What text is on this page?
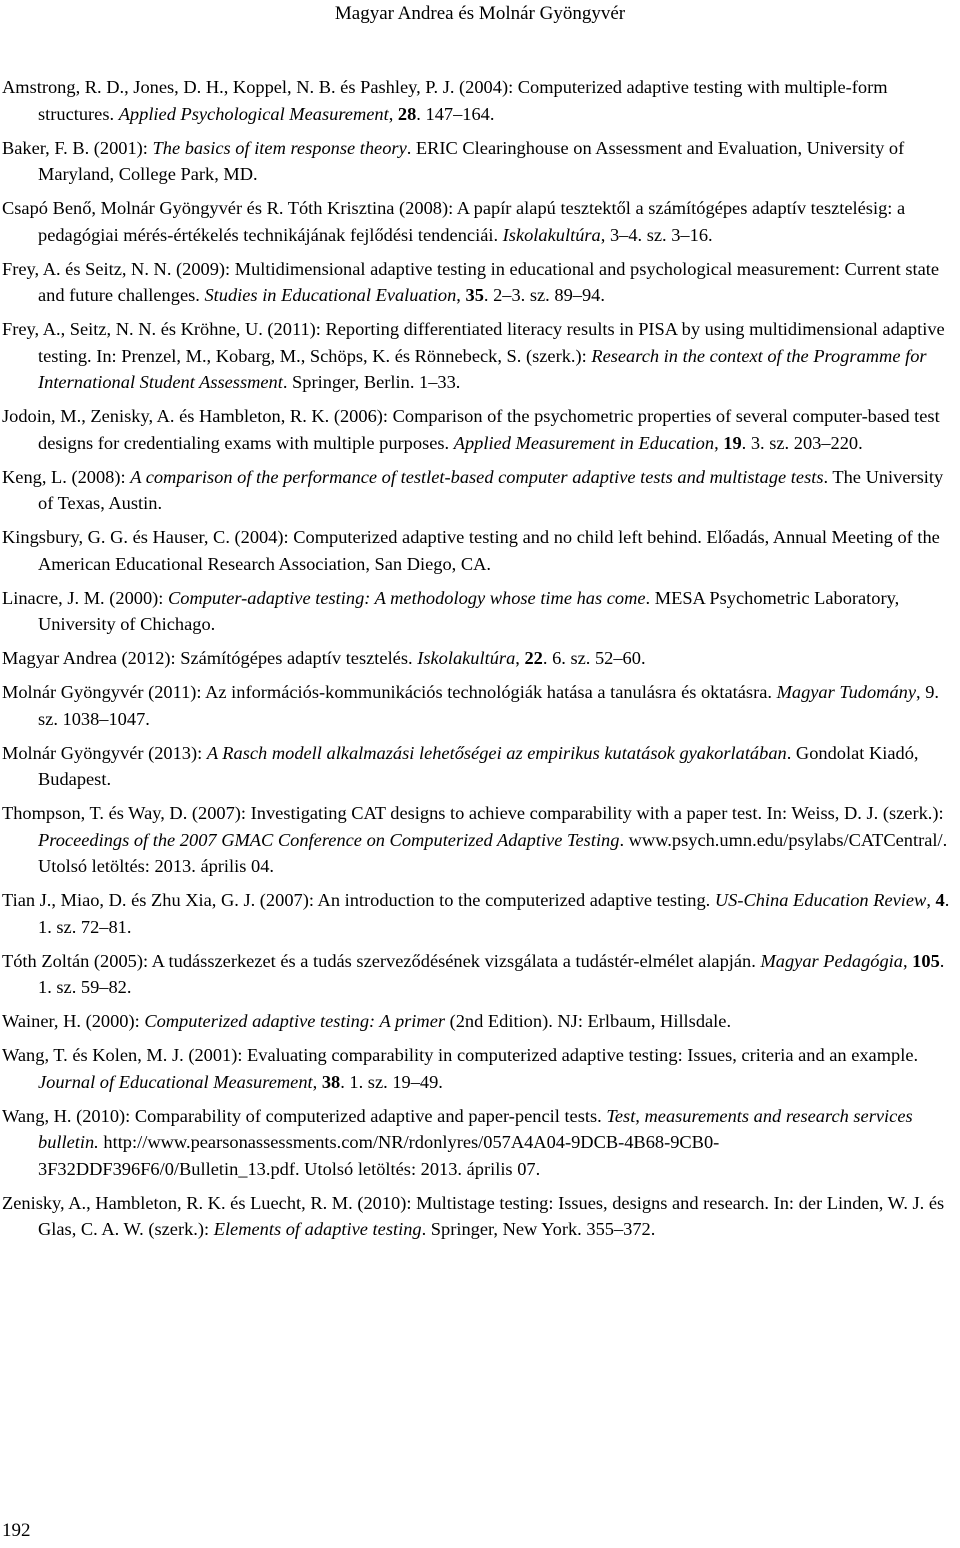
Magyar Andrea és Molnár Gyöngyvér

Amstrong, R. D., Jones, D. H., Koppel, N. B. és Pashley, P. J. (2004): Computerized adaptive testing with multiple-form structures. Applied Psychological Measurement, 28. 147–164.

Baker, F. B. (2001): The basics of item response theory. ERIC Clearinghouse on Assessment and Evaluation, University of Maryland, College Park, MD.

Csapó Benő, Molnár Gyöngyvér és R. Tóth Krisztina (2008): A papír alapú tesztektől a számítógépes adaptív tesztelésig: a pedagógiai mérés-értékelés technikájának fejlődési tendenciái. Iskolakultúra, 3–4. sz. 3–16.

Frey, A. és Seitz, N. N. (2009): Multidimensional adaptive testing in educational and psychological measurement: Current state and future challenges. Studies in Educational Evaluation, 35. 2–3. sz. 89–94.

Frey, A., Seitz, N. N. és Kröhne, U. (2011): Reporting differentiated literacy results in PISA by using multidimensional adaptive testing. In: Prenzel, M., Kobarg, M., Schöps, K. és Rönnebeck, S. (szerk.): Research in the context of the Programme for International Student Assessment. Springer, Berlin. 1–33.

Jodoin, M., Zenisky, A. és Hambleton, R. K. (2006): Comparison of the psychometric properties of several computer-based test designs for credentialing exams with multiple purposes. Applied Measurement in Education, 19. 3. sz. 203–220.

Keng, L. (2008): A comparison of the performance of testlet-based computer adaptive tests and multistage tests. The University of Texas, Austin.

Kingsbury, G. G. és Hauser, C. (2004): Computerized adaptive testing and no child left behind. Előadás, Annual Meeting of the American Educational Research Association, San Diego, CA.

Linacre, J. M. (2000): Computer-adaptive testing: A methodology whose time has come. MESA Psychometric Laboratory, University of Chichago.

Magyar Andrea (2012): Számítógépes adaptív tesztelés. Iskolakultúra, 22. 6. sz. 52–60.

Molnár Gyöngyvér (2011): Az információs-kommunikációs technológiák hatása a tanulásra és oktatásra. Magyar Tudomány, 9. sz. 1038–1047.

Molnár Gyöngyvér (2013): A Rasch modell alkalmazási lehetőségei az empirikus kutatások gyakorlatában. Gondolat Kiadó, Budapest.

Thompson, T. és Way, D. (2007): Investigating CAT designs to achieve comparability with a paper test. In: Weiss, D. J. (szerk.): Proceedings of the 2007 GMAC Conference on Computerized Adaptive Testing. www.psych.umn.edu/psylabs/CATCentral/. Utolsó letöltés: 2013. április 04.

Tian J., Miao, D. és Zhu Xia, G. J. (2007): An introduction to the computerized adaptive testing. US-China Education Review, 4. 1. sz. 72–81.

Tóth Zoltán (2005): A tudásszerkezet és a tudás szerveződésének vizsgálata a tudástér-elmélet alapján. Magyar Pedagógia, 105. 1. sz. 59–82.

Wainer, H. (2000): Computerized adaptive testing: A primer (2nd Edition). NJ: Erlbaum, Hillsdale.

Wang, T. és Kolen, M. J. (2001): Evaluating comparability in computerized adaptive testing: Issues, criteria and an example. Journal of Educational Measurement, 38. 1. sz. 19–49.

Wang, H. (2010): Comparability of computerized adaptive and paper-pencil tests. Test, measurements and research services bulletin. http://www.pearsonassessments.com/NR/rdonlyres/057A4A04-9DCB-4B68-9CB0-3F32DDF396F6/0/Bulletin_13.pdf. Utolsó letöltés: 2013. április 07.

Zenisky, A., Hambleton, R. K. és Luecht, R. M. (2010): Multistage testing: Issues, designs and research. In: der Linden, W. J. és Glas, C. A. W. (szerk.): Elements of adaptive testing. Springer, New York. 355–372.

192
